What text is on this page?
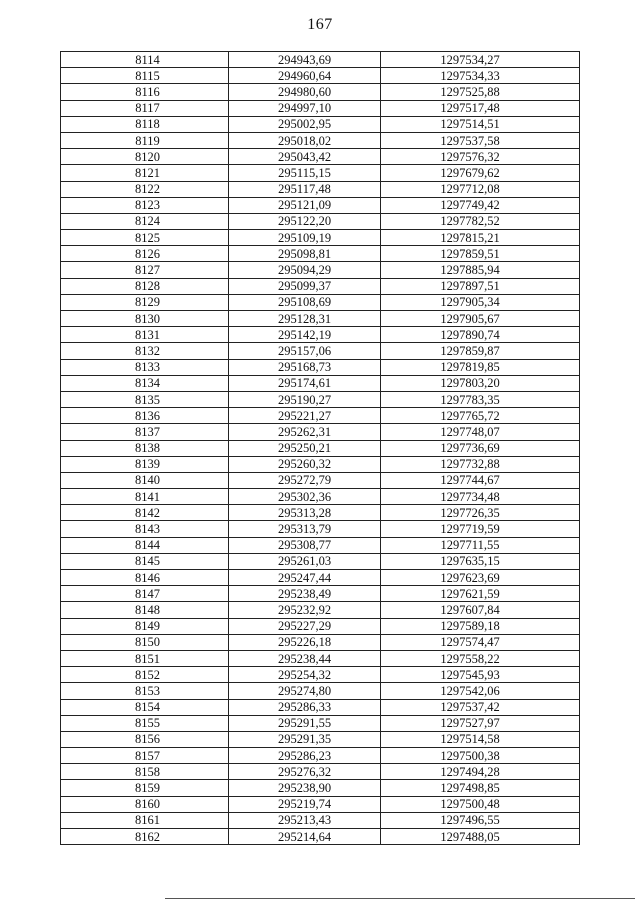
167
8114	294943,69	1297534,27
8115	294960,64	1297534,33
8116	294980,60	1297525,88
8117	294997,10	1297517,48
8118	295002,95	1297514,51
8119	295018,02	1297537,58
8120	295043,42	1297576,32
8121	295115,15	1297679,62
8122	295117,48	1297712,08
8123	295121,09	1297749,42
8124	295122,20	1297782,52
8125	295109,19	1297815,21
8126	295098,81	1297859,51
8127	295094,29	1297885,94
8128	295099,37	1297897,51
8129	295108,69	1297905,34
8130	295128,31	1297905,67
8131	295142,19	1297890,74
8132	295157,06	1297859,87
8133	295168,73	1297819,85
8134	295174,61	1297803,20
8135	295190,27	1297783,35
8136	295221,27	1297765,72
8137	295262,31	1297748,07
8138	295250,21	1297736,69
8139	295260,32	1297732,88
8140	295272,79	1297744,67
8141	295302,36	1297734,48
8142	295313,28	1297726,35
8143	295313,79	1297719,59
8144	295308,77	1297711,55
8145	295261,03	1297635,15
8146	295247,44	1297623,69
8147	295238,49	1297621,59
8148	295232,92	1297607,84
8149	295227,29	1297589,18
8150	295226,18	1297574,47
8151	295238,44	1297558,22
8152	295254,32	1297545,93
8153	295274,80	1297542,06
8154	295286,33	1297537,42
8155	295291,55	1297527,97
8156	295291,35	1297514,58
8157	295286,23	1297500,38
8158	295276,32	1297494,28
8159	295238,90	1297498,85
8160	295219,74	1297500,48
8161	295213,43	1297496,55
8162	295214,64	1297488,05
